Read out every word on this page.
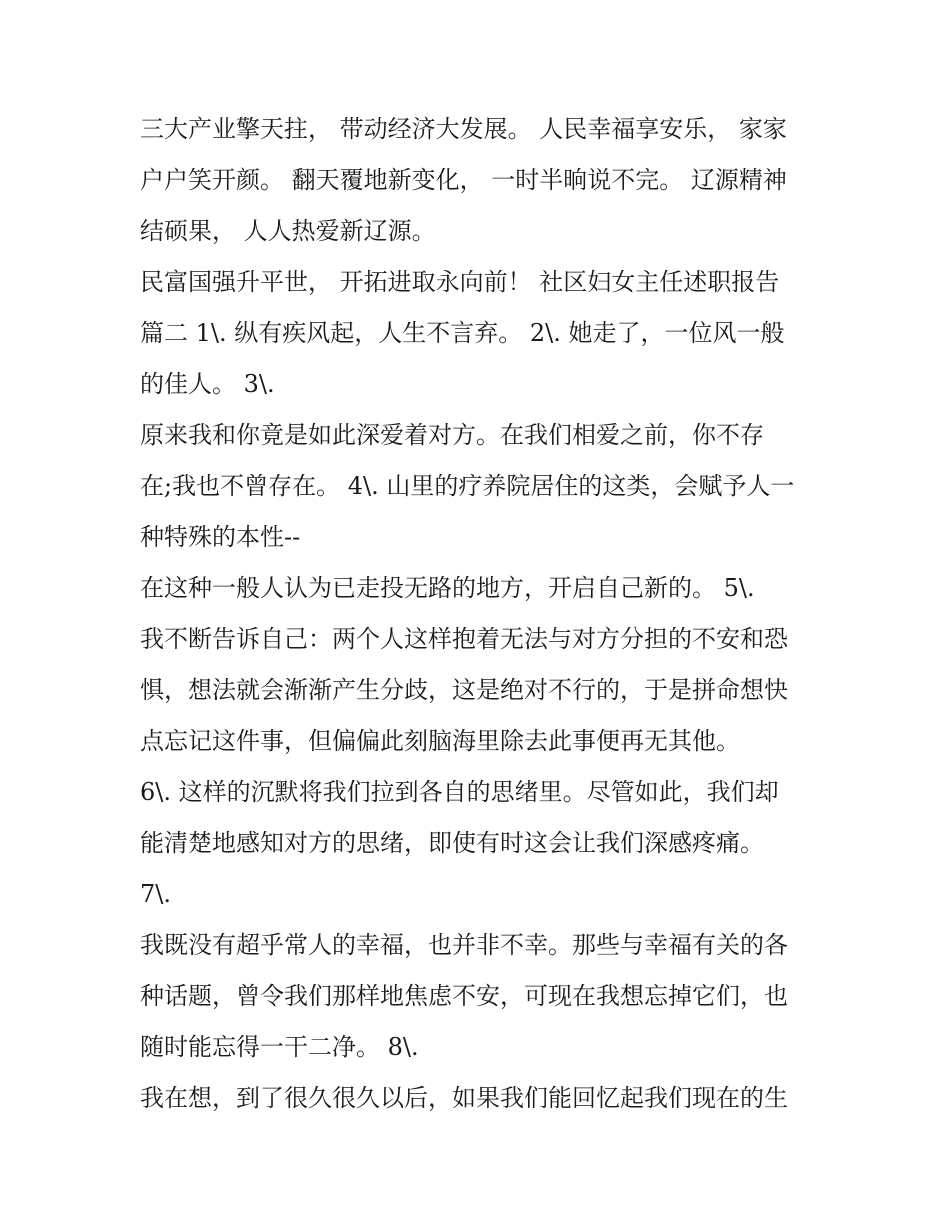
三大产业擎天拄， 带动经济大发展。 人民幸福享安乐， 家家
户户笑开颜。 翻天覆地新变化， 一时半晌说不完。 辽源精神
结硕果， 人人热爱新辽源。
民富国强升平世， 开拓进取永向前！ 社区妇女主任述职报告
篇二 1\. 纵有疾风起，人生不言弃。 2\. 她走了，一位风一般
的佳人。 3\.
原来我和你竟是如此深爱着对方。在我们相爱之前，你不存
在;我也不曾存在。 4\. 山里的疗养院居住的这类，会赋予人一
种特殊的本性--
在这种一般人认为已走投无路的地方，开启自己新的。 5\.
我不断告诉自己：两个人这样抱着无法与对方分担的不安和恐
惧，想法就会渐渐产生分歧，这是绝对不行的，于是拼命想快
点忘记这件事，但偏偏此刻脑海里除去此事便再无其他。
6\. 这样的沉默将我们拉到各自的思绪里。尽管如此，我们却
能清楚地感知对方的思绪，即使有时这会让我们深感疼痛。
7\.
我既没有超乎常人的幸福，也并非不幸。那些与幸福有关的各
种话题，曾令我们那样地焦虑不安，可现在我想忘掉它们，也
随时能忘得一干二净。 8\.
我在想，到了很久很久以后，如果我们能回忆起我们现在的生
